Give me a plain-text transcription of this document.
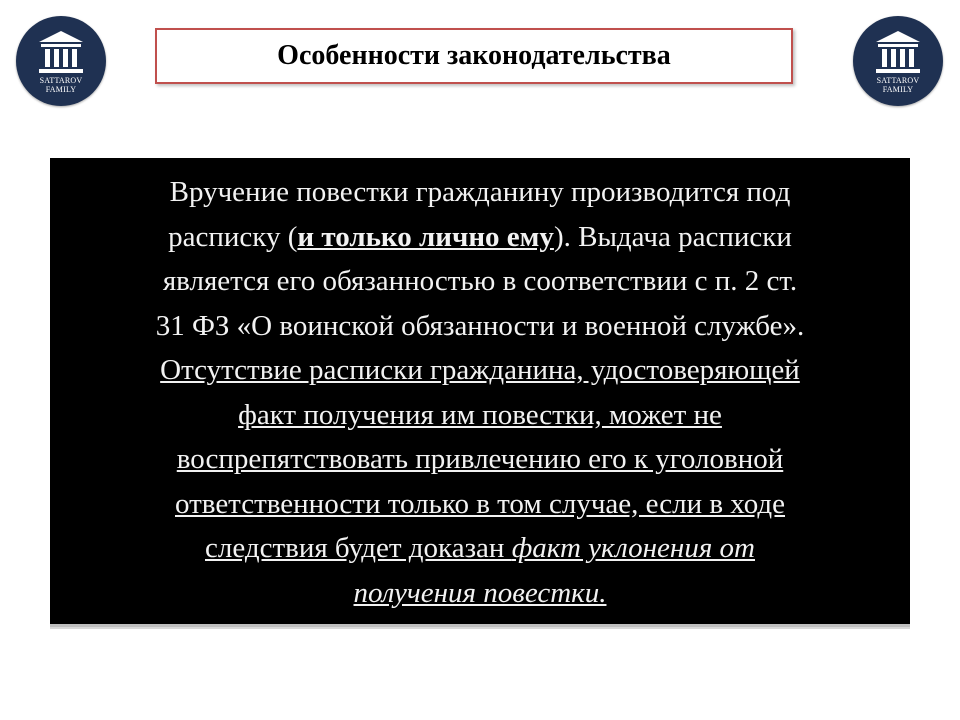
SATTAROV
FAMILY
Особенности законодательства
SATTAROV
FAMILY
Вручение повестки гражданину производится под
расписку (и только лично ему). Выдача расписки
является его обязанностью в соответствии с п. 2 ст.
31 ФЗ «О воинской обязанности и военной службе».
Отсутствие расписки гражданина, удостоверяющей
факт получения им повестки, может не
воспрепятствовать привлечению его к уголовной
ответственности только в том случае, если в ходе
следствия будет доказан факт уклонения от
получения повестки.
